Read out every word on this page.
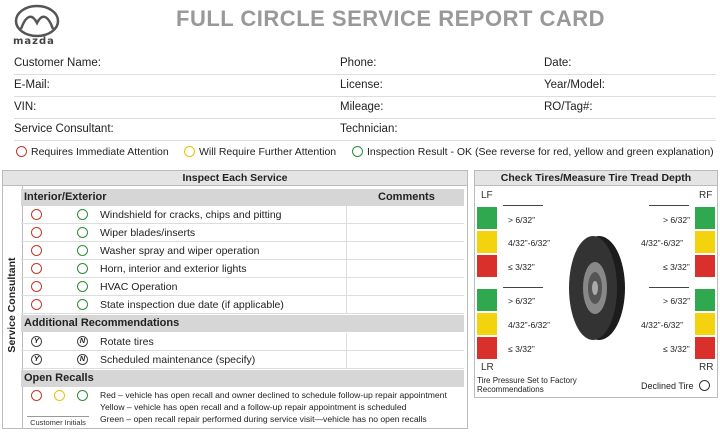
mazda
FULL CIRCLE SERVICE REPORT CARD
Customer Name:	Phone:	Date:
E-Mail:	License:	Year/Model:
VIN:	Mileage:	RO/Tag#:
Service Consultant:	Technician:
Requires Immediate Attention	Will Require Further Attention	Inspection Result - OK (See reverse for red, yellow and green explanation)
Inspect Each Service
Service Consultant
Interior/Exterior	Comments
Windshield for cracks, chips and pitting
Wiper blades/inserts
Washer spray and wiper operation
Horn, interior and exterior lights
HVAC Operation
State inspection due date (if applicable)
Additional Recommendations
Y	N Rotate tires
Y	N Scheduled maintenance (specify)
Open Recalls
Red – vehicle has open recall and owner declined to schedule follow-up repair appointment
Yellow – vehicle has open recall and a follow-up repair appointment is scheduled
Green – open recall repair performed during service visit—vehicle has no open recalls
Customer Initials
Check Tires/Measure Tire Tread Depth
LF	RF
LR	RR
> 6/32”
4/32”-6/32”
≤ 3/32”
> 6/32”
4/32”-6/32”
≤ 3/32”
> 6/32”
4/32”-6/32”
≤ 3/32”
> 6/32”
4/32”-6/32”
≤ 3/32”
Tire Pressure Set to Factory Recommendations	Declined Tire
